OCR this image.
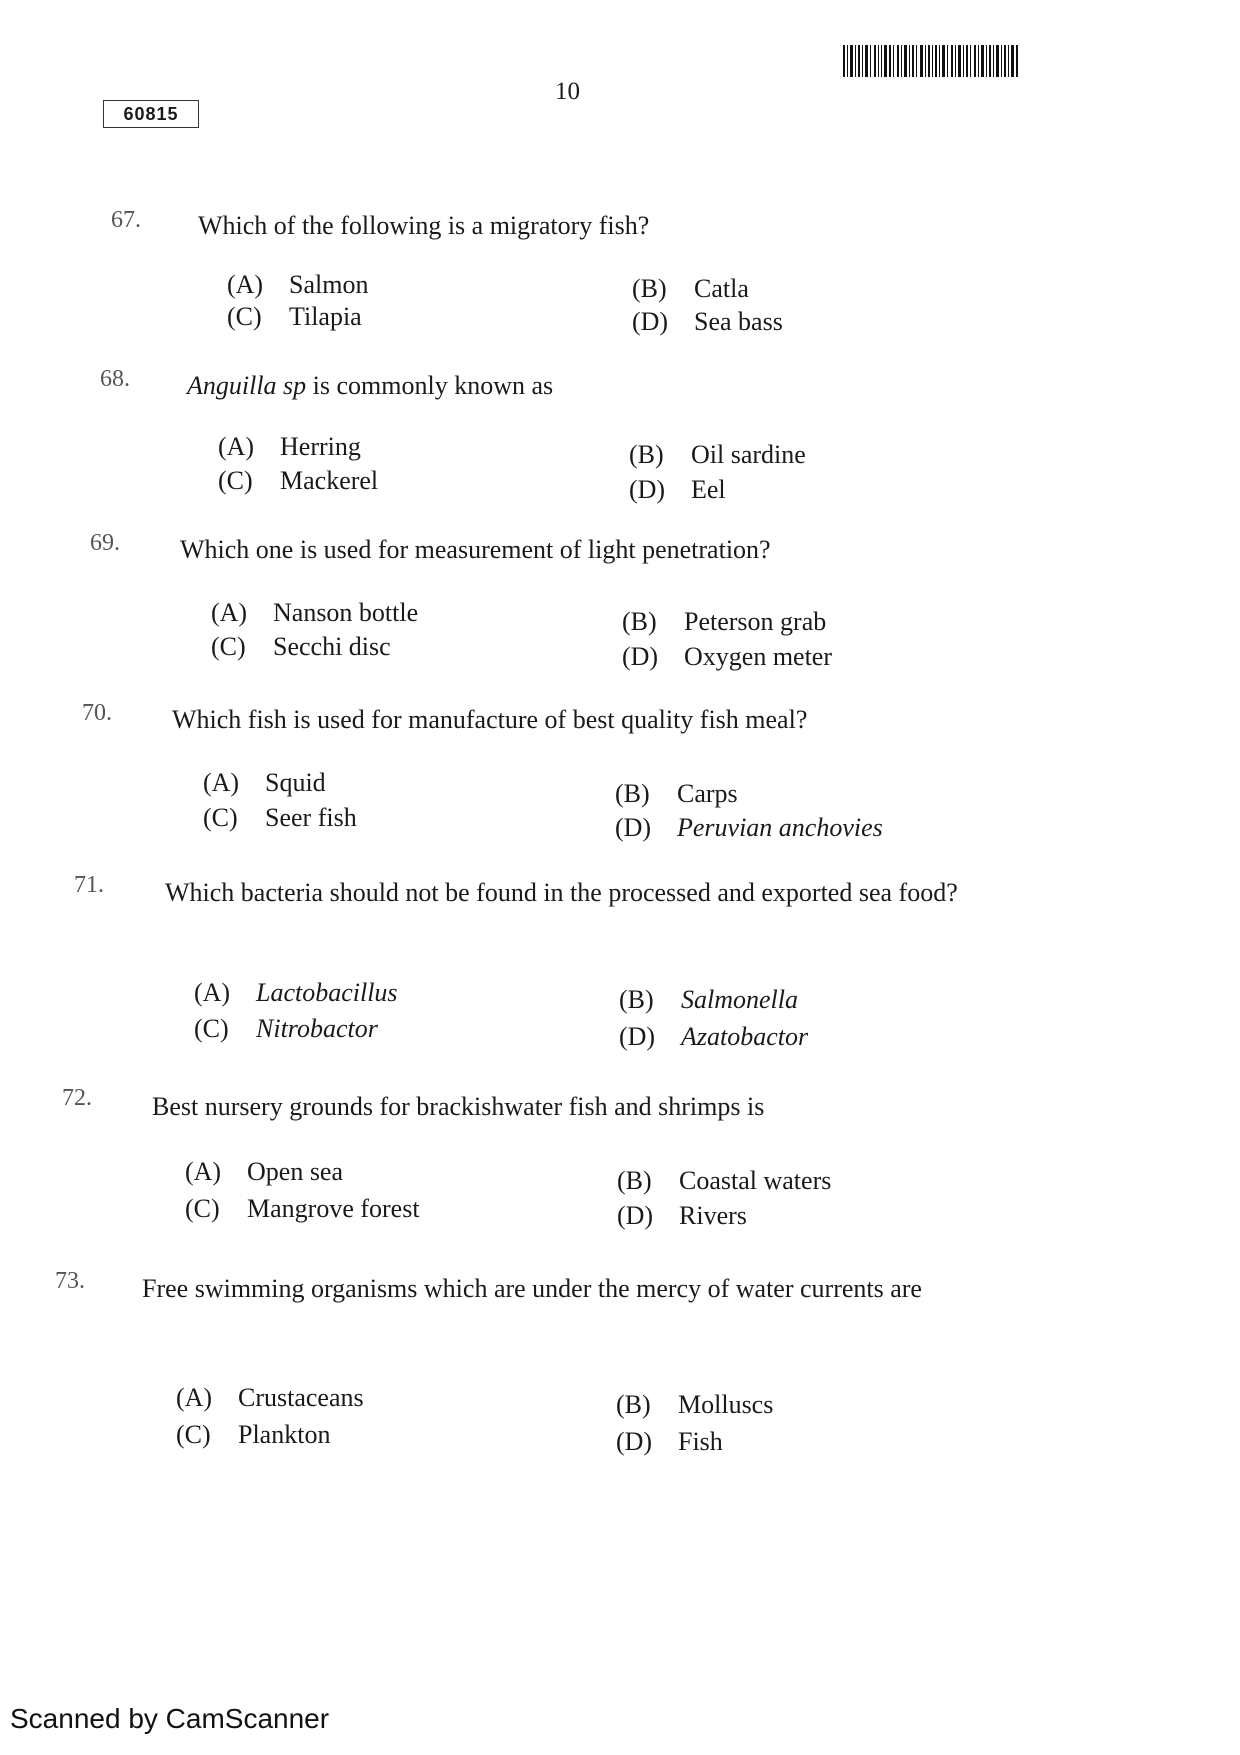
10
60815
67. Which of the following is a migratory fish?
(A) Salmon
(C) Tilapia
(B) Catla
(D) Sea bass
68. Anguilla sp is commonly known as
(A) Herring
(C) Mackerel
(B) Oil sardine
(D) Eel
69. Which one is used for measurement of light penetration?
(A) Nanson bottle
(C) Secchi disc
(B) Peterson grab
(D) Oxygen meter
70. Which fish is used for manufacture of best quality fish meal?
(A) Squid
(C) Seer fish
(B) Carps
(D) Peruvian anchovies
71. Which bacteria should not be found in the processed and exported sea food?
(A) Lactobacillus
(C) Nitrobactor
(B) Salmonella
(D) Azatobactor
72. Best nursery grounds for brackishwater fish and shrimps is
(A) Open sea
(C) Mangrove forest
(B) Coastal waters
(D) Rivers
73. Free swimming organisms which are under the mercy of water currents are
(A) Crustaceans
(C) Plankton
(B) Molluscs
(D) Fish
Scanned by CamScanner
